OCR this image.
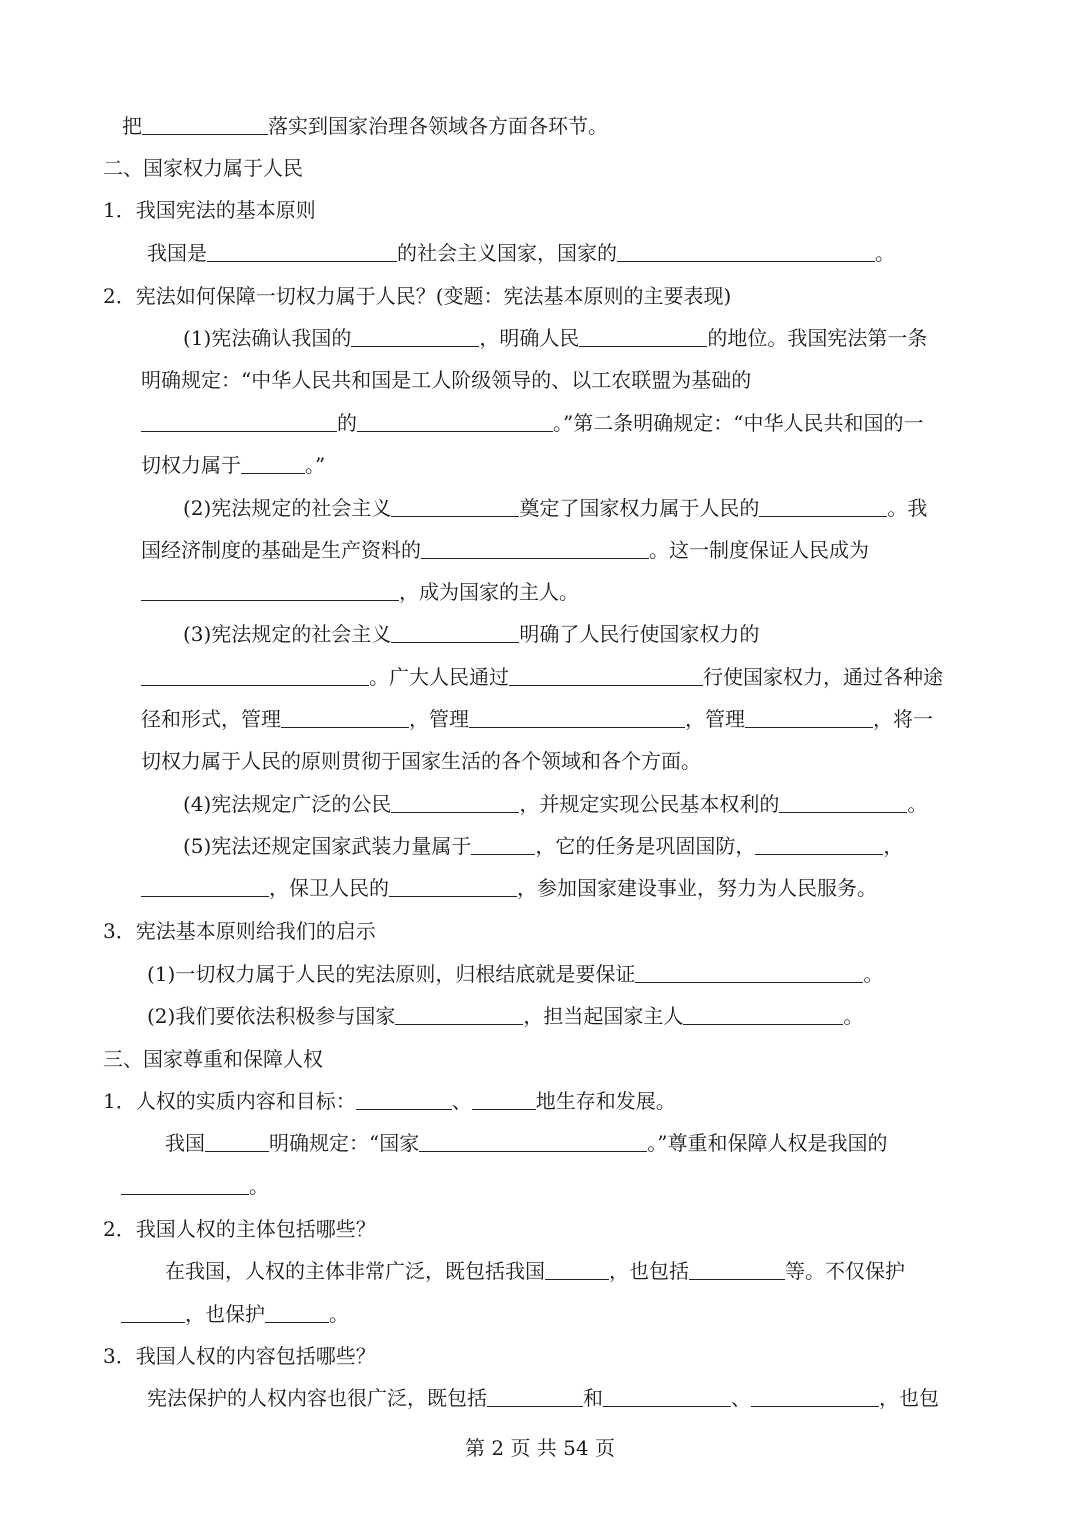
把	落实到国家治理各领域各方面各环节。
二、国家权力属于人民
1．我国宪法的基本原则
我国是	的社会主义国家，国家的	。
2．宪法如何保障一切权力属于人民？(变题：宪法基本原则的主要表现)
(1)宪法确认我国的	，明确人民	的地位。我国宪法第一条
明确规定：“中华人民共和国是工人阶级领导的、以工农联盟为基础的
的	。”第二条明确规定：“中华人民共和国的一
切权力属于	。”
(2)宪法规定的社会主义	奠定了国家权力属于人民的	。我
国经济制度的基础是生产资料的	。这一制度保证人民成为
，成为国家的主人。
(3)宪法规定的社会主义	明确了人民行使国家权力的
。广大人民通过	行使国家权力，通过各种途
径和形式，管理	，管理	，管理	，将一
切权力属于人民的原则贯彻于国家生活的各个领域和各个方面。
(4)宪法规定广泛的公民	，并规定实现公民基本权利的	。
(5)宪法还规定国家武装力量属于	，它的任务是巩固国防，	，
，保卫人民的	，参加国家建设事业，努力为人民服务。
3．宪法基本原则给我们的启示
(1)一切权力属于人民的宪法原则，归根结底就是要保证	。
(2)我们要依法积极参与国家	，担当起国家主人	。
三、国家尊重和保障人权
1．人权的实质内容和目标：	、	地生存和发展。
我国	明确规定：“国家	。”尊重和保障人权是我国的
。
2．我国人权的主体包括哪些？
在我国，人权的主体非常广泛，既包括我国	，也包括	等。不仅保护
，也保护	。
3．我国人权的内容包括哪些？
宪法保护的人权内容也很广泛，既包括	和	、	，也包
第 2 页 共 54 页
